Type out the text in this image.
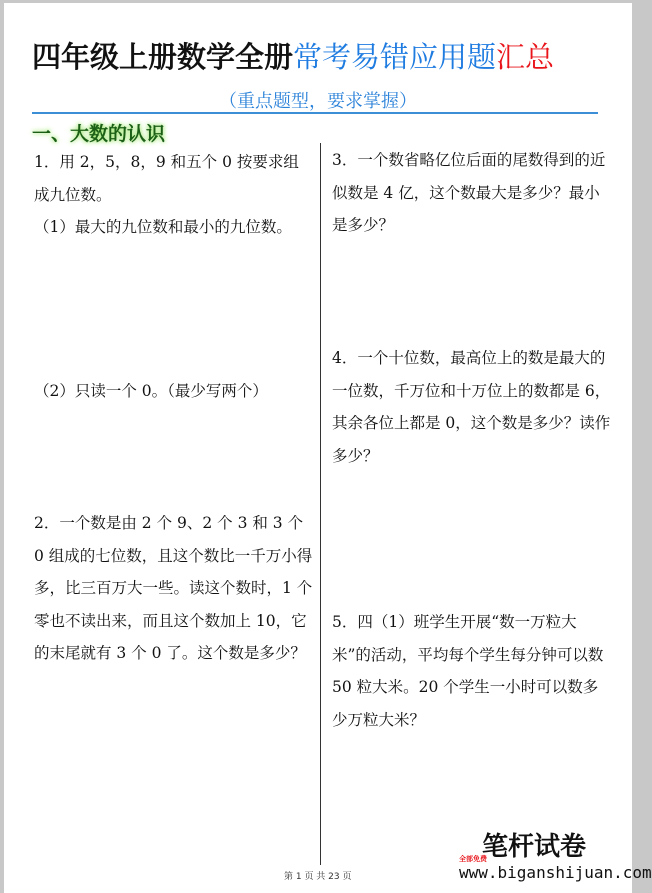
四年级上册数学全册常考易错应用题汇总
（重点题型，要求掌握）
一、大数的认识
1．用 2，5，8，9 和五个 0 按要求组成九位数。
（1）最大的九位数和最小的九位数。
（2）只读一个 0。（最少写两个）
2．一个数是由 2 个 9、2 个 3 和 3 个 0 组成的七位数，且这个数比一千万小得多，比三百万大一些。读这个数时，1 个零也不读出来，而且这个数加上 10，它的末尾就有 3 个 0 了。这个数是多少？
3．一个数省略亿位后面的尾数得到的近似数是 4 亿，这个数最大是多少？最小是多少？
4．一个十位数，最高位上的数是最大的一位数，千万位和十万位上的数都是 6，其余各位上都是 0，这个数是多少？读作多少？
5．四（1）班学生开展“数一万粒大米”的活动，平均每个学生每分钟可以数 50 粒大米。20 个学生一小时可以数多少万粒大米？
第 1 页 共 23 页
笔杆试卷
全部免费
www.biganshijuan.com
